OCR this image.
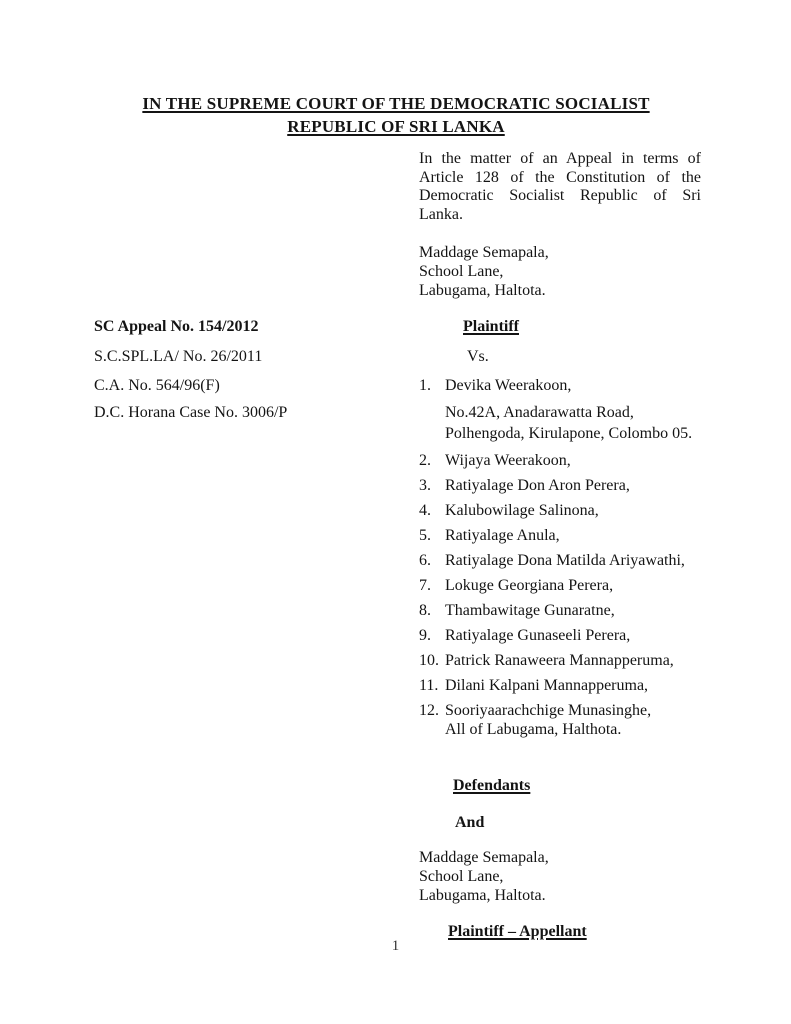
IN THE SUPREME COURT OF THE DEMOCRATIC SOCIALIST
REPUBLIC OF SRI LANKA
In the matter of an Appeal in terms of
Article 128 of the Constitution of the
Democratic Socialist Republic of Sri
Lanka.
Maddage Semapala,
School Lane,
Labugama, Haltota.
SC Appeal No. 154/2012	Plaintiff
S.C.SPL.LA/ No. 26/2011	Vs.
C.A. No. 564/96(F)	1. Devika Weerakoon,
D.C. Horana Case No. 3006/P	No.42A, Anadarawatta Road,
Polhengoda, Kirulapone, Colombo 05.
2. Wijaya Weerakoon,
3. Ratiyalage Don Aron Perera,
4. Kalubowilage Salinona,
5. Ratiyalage Anula,
6. Ratiyalage Dona Matilda Ariyawathi,
7. Lokuge Georgiana Perera,
8. Thambawitage Gunaratne,
9. Ratiyalage Gunaseeli Perera,
10. Patrick Ranaweera Mannapperuma,
11. Dilani Kalpani Mannapperuma,
12. Sooriyaarachchige Munasinghe,
All of Labugama, Halthota.
Defendants
And
Maddage Semapala,
School Lane,
Labugama, Haltota.
Plaintiff – Appellant
1
